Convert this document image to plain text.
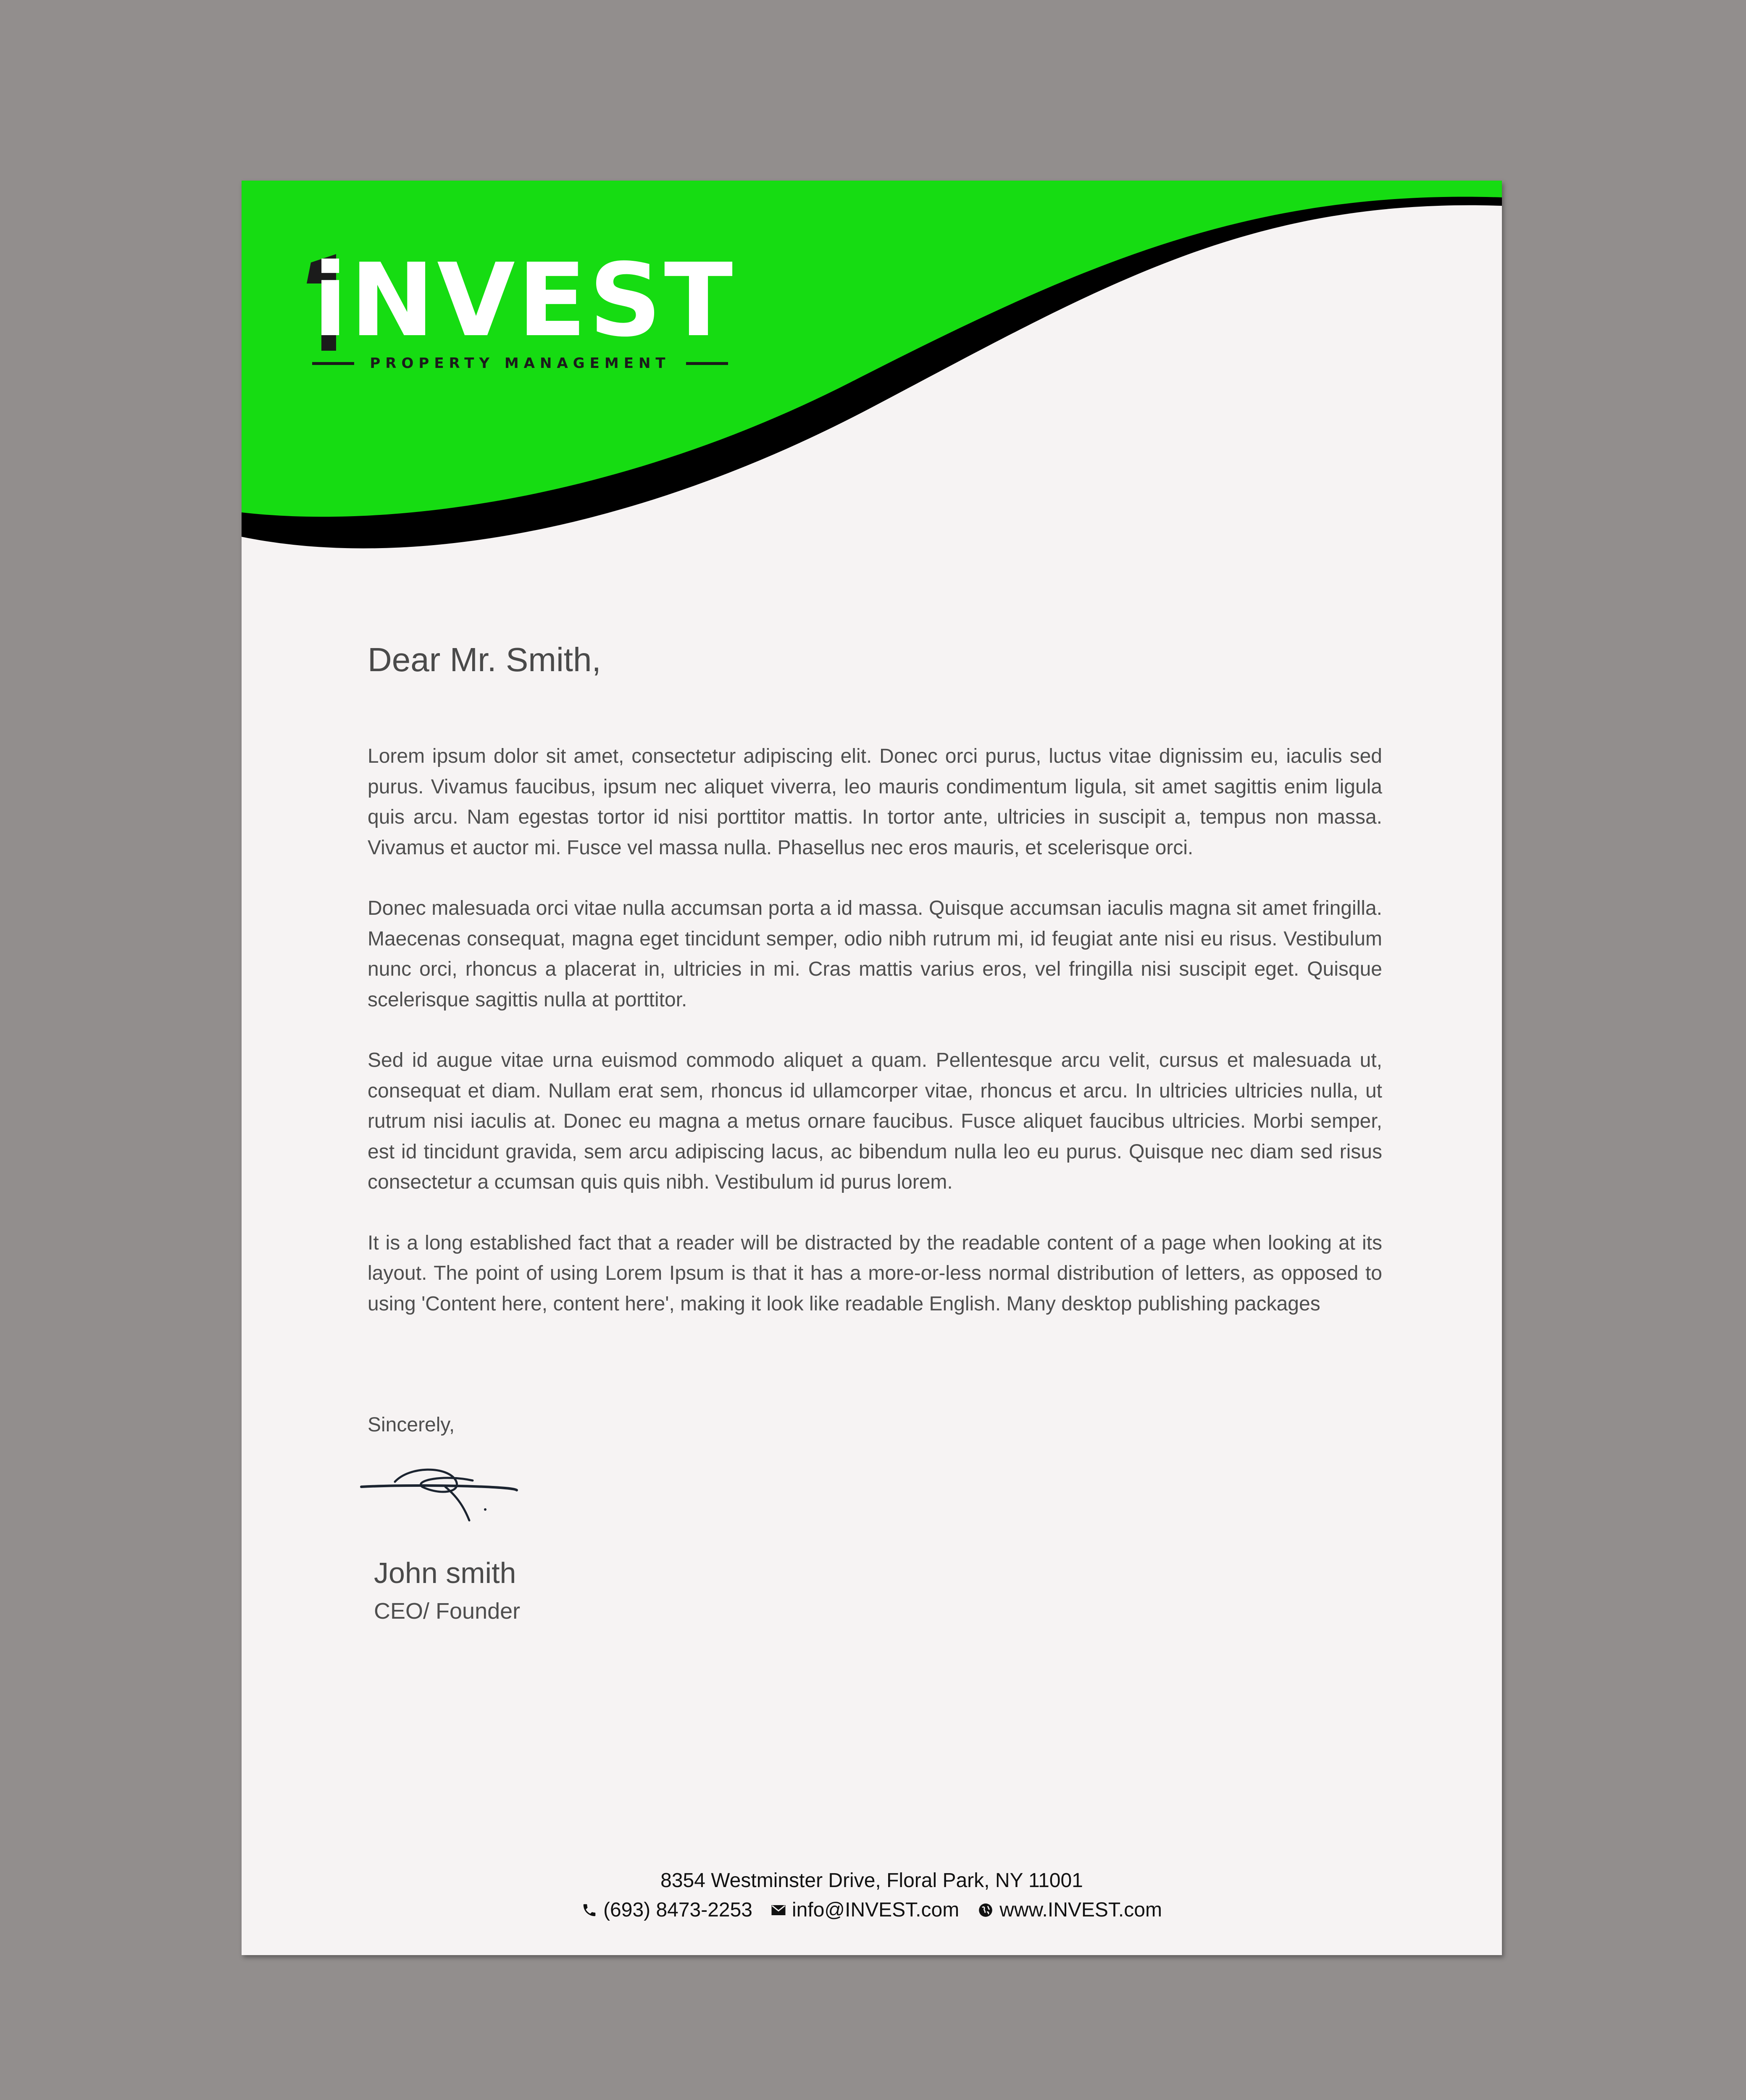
iNVEST
PROPERTY MANAGEMENT
Dear Mr. Smith,

Lorem ipsum dolor sit amet, consectetur adipiscing elit. Donec orci purus, luctus vitae dignissim eu, iaculis sed purus. Vivamus faucibus, ipsum nec aliquet viverra, leo mauris condimentum ligula, sit amet sagittis enim ligula quis arcu. Nam egestas tortor id nisi porttitor mattis. In tortor ante, ultricies in suscipit a, tempus non massa. Vivamus et auctor mi. Fusce vel massa nulla. Phasellus nec eros mauris, et scelerisque orci.

Donec malesuada orci vitae nulla accumsan porta a id massa. Quisque accumsan iaculis magna sit amet fringilla. Maecenas consequat, magna eget tincidunt semper, odio nibh rutrum mi, id feugiat ante nisi eu risus. Vestibulum nunc orci, rhoncus a placerat in, ultricies in mi. Cras mattis varius eros, vel fringilla nisi suscipit eget. Quisque scelerisque sagittis nulla at porttitor.

Sed id augue vitae urna euismod commodo aliquet a quam. Pellentesque arcu velit, cursus et malesuada ut, consequat et diam. Nullam erat sem, rhoncus id ullamcorper vitae, rhoncus et arcu. In ultricies ultricies nulla, ut rutrum nisi iaculis at. Donec eu magna a metus ornare faucibus. Fusce aliquet faucibus ultricies. Morbi semper, est id tincidunt gravida, sem arcu adipiscing lacus, ac bibendum nulla leo eu purus. Quisque nec diam sed risus consectetur a ccumsan quis quis nibh. Vestibulum id purus lorem.

It is a long established fact that a reader will be distracted by the readable content of a page when looking at its layout. The point of using Lorem Ipsum is that it has a more-or-less normal distribution of letters, as opposed to using 'Content here, content here', making it look like readable English. Many desktop publishing packages

Sincerely,
John smith
CEO/ Founder
8354 Westminster Drive, Floral Park, NY 11001
(693) 8473-2253 info@INVEST.com www.INVEST.com
